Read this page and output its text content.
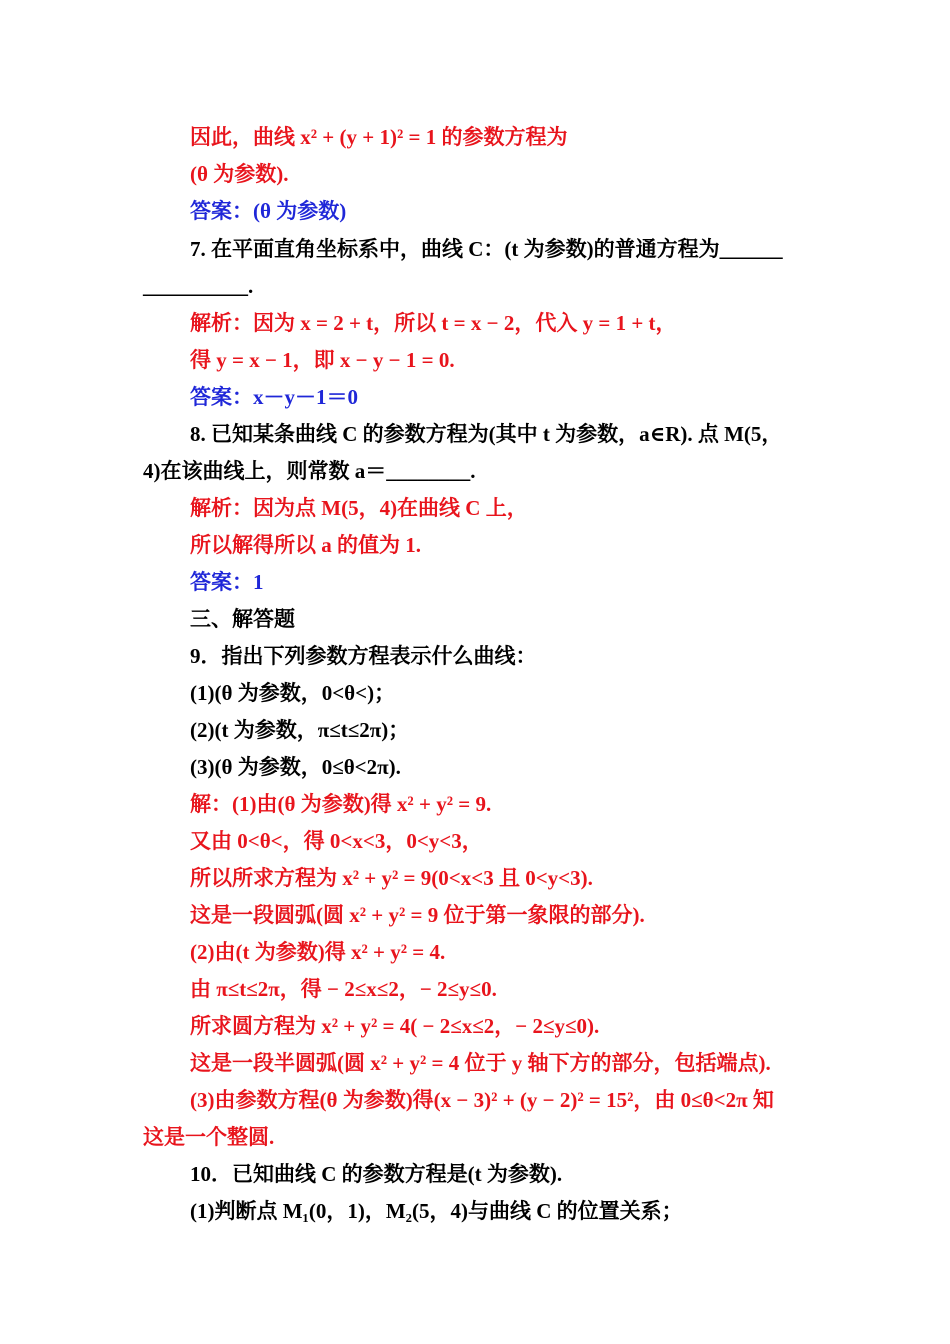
因此，曲线 x² + (y + 1)² = 1 的参数方程为
(θ 为参数).
答案：(θ 为参数)
7. 在平面直角坐标系中，曲线 C：(t 为参数)的普通方程为______
__________.
解析：因为 x = 2 + t，所以 t = x − 2，代入 y = 1 + t，
得 y = x − 1，即 x − y − 1 = 0.
答案：x－y－1＝0
8. 已知某条曲线 C 的参数方程为(其中 t 为参数，a∈R). 点 M(5，
4)在该曲线上，则常数 a＝________.
解析：因为点 M(5，4)在曲线 C 上，
所以解得所以 a 的值为 1.
答案：1
三、解答题
9．指出下列参数方程表示什么曲线：
(1)(θ 为参数，0<θ<)；
(2)(t 为参数，π≤t≤2π)；
(3)(θ 为参数，0≤θ<2π).
解：(1)由(θ 为参数)得 x² + y² = 9.
又由 0<θ<，得 0<x<3，0<y<3，
所以所求方程为 x² + y² = 9(0<x<3 且 0<y<3).
这是一段圆弧(圆 x² + y² = 9 位于第一象限的部分).
(2)由(t 为参数)得 x² + y² = 4.
由 π≤t≤2π，得 − 2≤x≤2，− 2≤y≤0.
所求圆方程为 x² + y² = 4( − 2≤x≤2，− 2≤y≤0).
这是一段半圆弧(圆 x² + y² = 4 位于 y 轴下方的部分，包括端点).
(3)由参数方程(θ 为参数)得(x − 3)² + (y − 2)² = 15²，由 0≤θ<2π 知
这是一个整圆.
10．已知曲线 C 的参数方程是(t 为参数).
(1)判断点 M₁(0，1)，M₂(5，4)与曲线 C 的位置关系；
